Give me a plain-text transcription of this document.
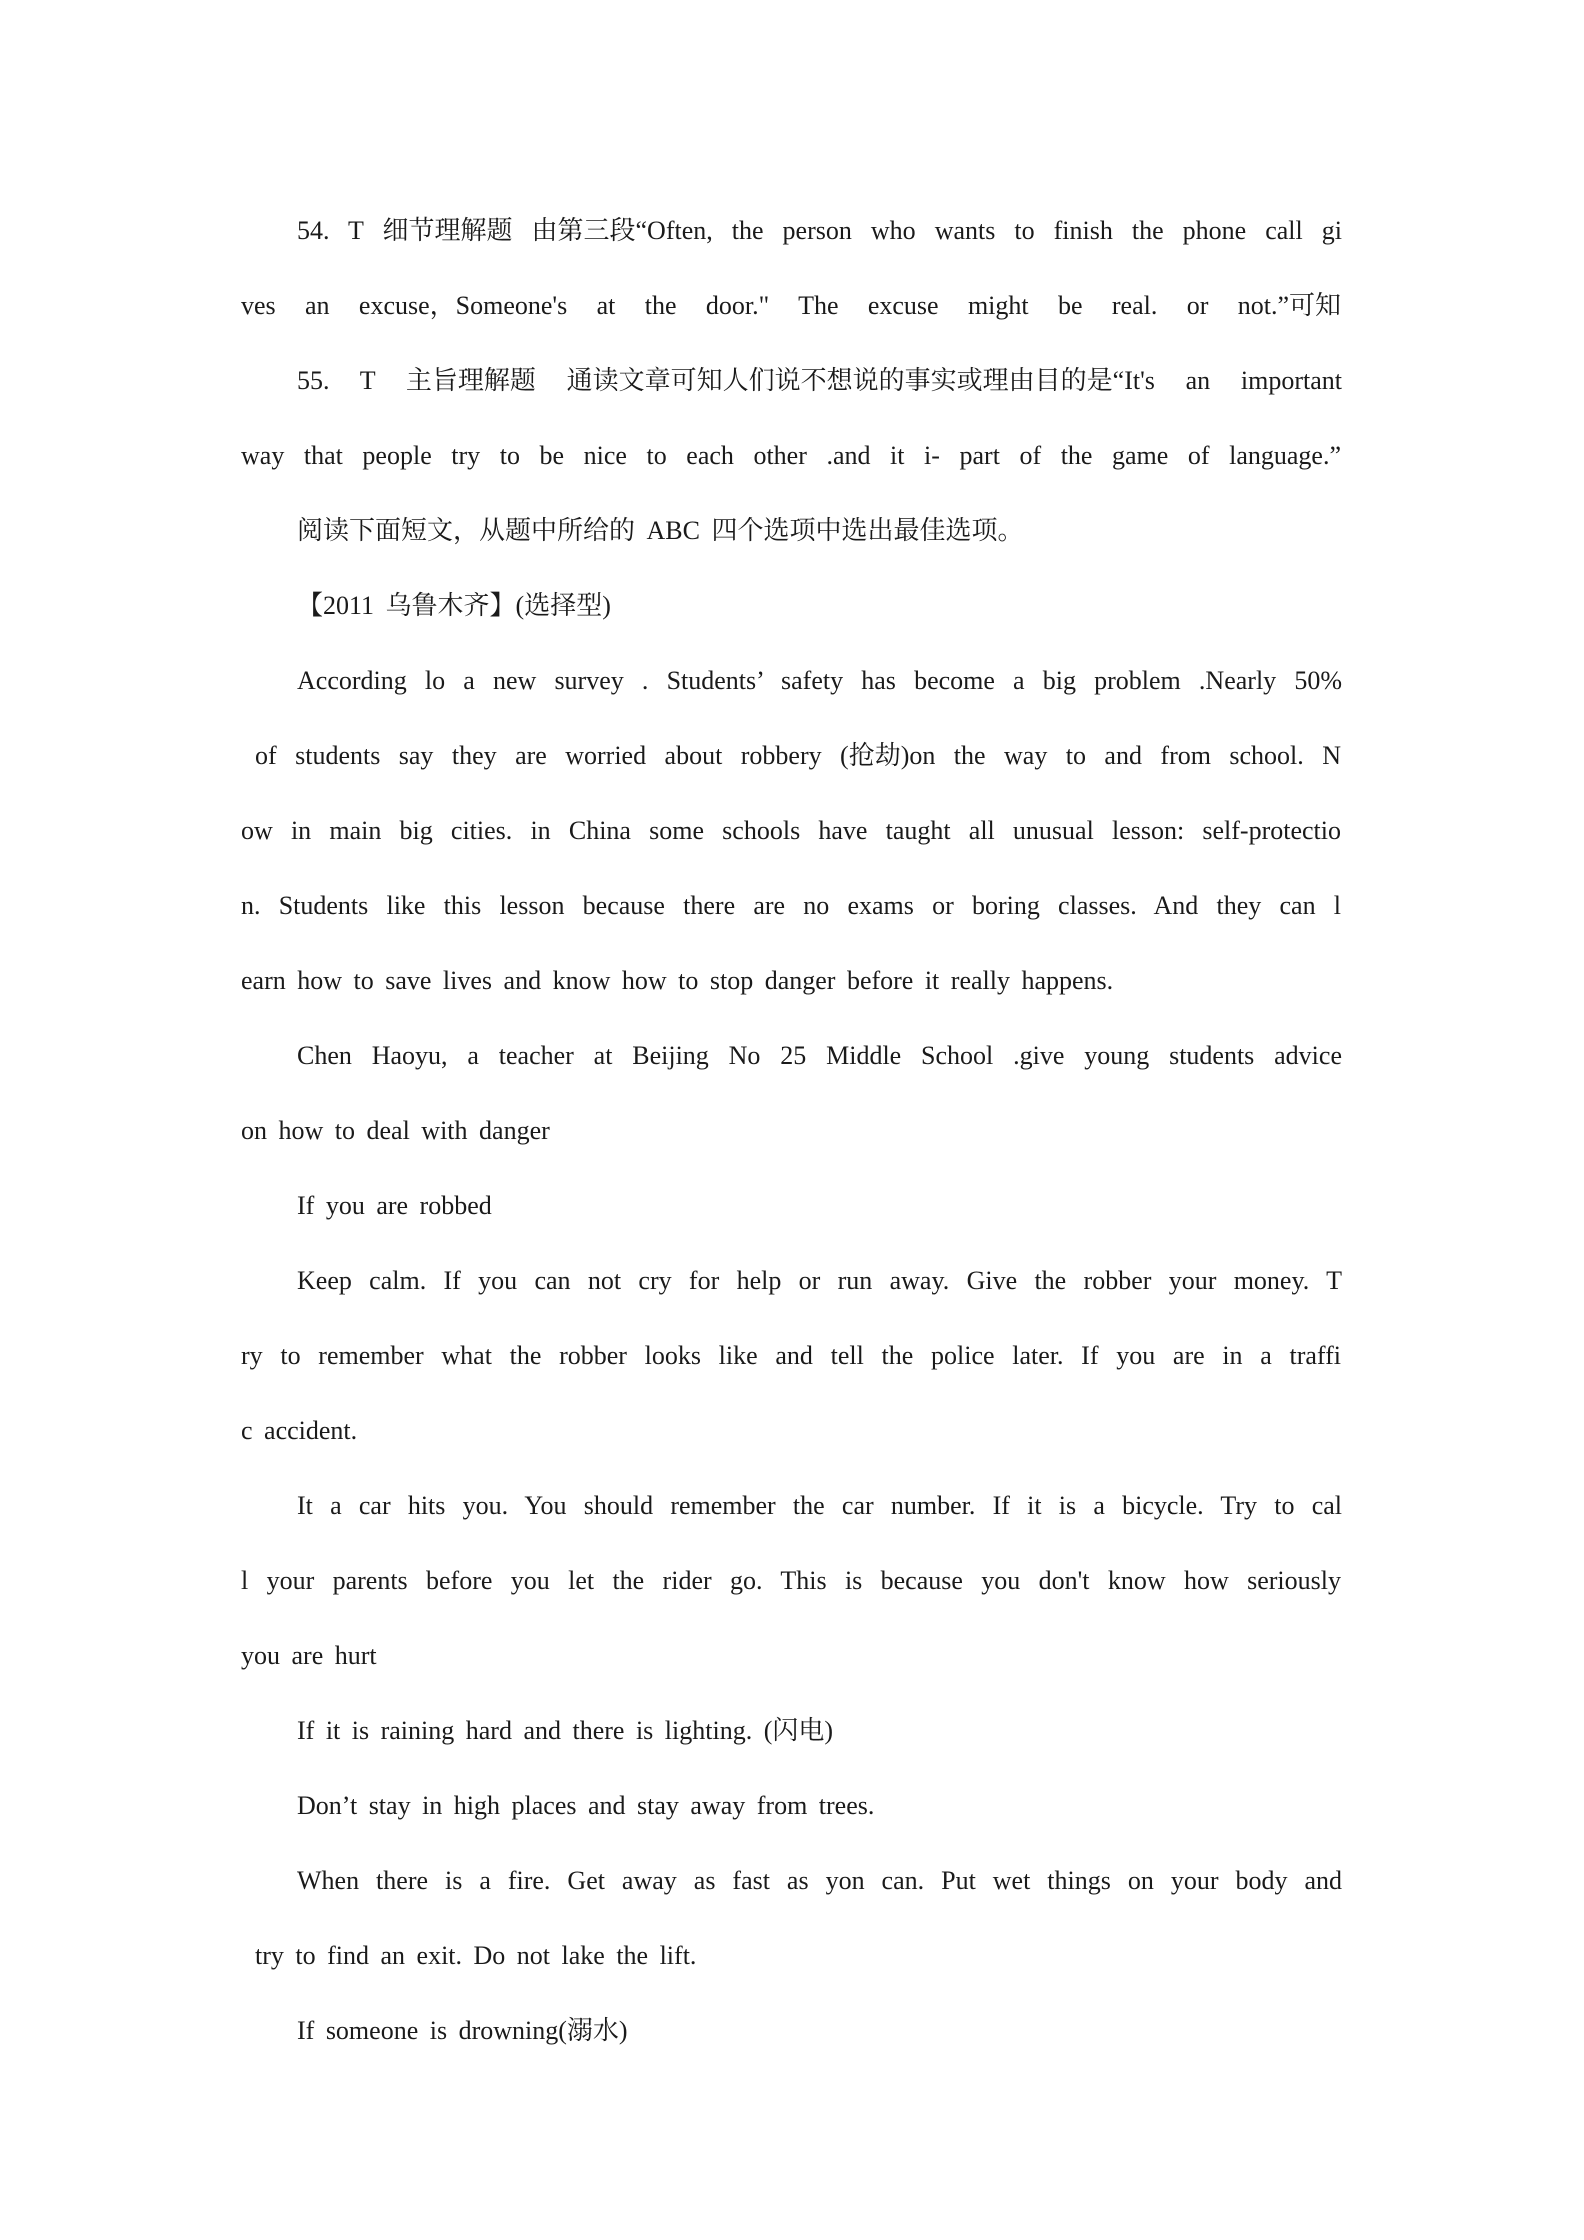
54. T 细节理解题 由第三段“Often, the person who wants to finish the phone call gi
ves an excuse，Someone's at the door." The excuse might be real. or not.”可知
55. T 主旨理解题 通读文章可知人们说不想说的事实或理由目的是“It's an important
way that people try to be nice to each other .and it i- part of the game of language.”
阅读下面短文，从题中所给的 ABC 四个选项中选出最佳选项。
【2011 乌鲁木齐】(选择型)
According lo a new survey . Students’ safety has become a big problem .Nearly 50%
of students say they are worried about robbery (抢劫)on the way to and from school. N
ow in main big cities. in China some schools have taught all unusual lesson: self-protectio
n. Students like this lesson because there are no exams or boring classes. And they can l
earn how to save lives and know how to stop danger before it really happens.
Chen Haoyu, a teacher at Beijing No 25 Middle School .give young students advice
on how to deal with danger
If you are robbed
Keep calm. If you can not cry for help or run away. Give the robber your money. T
ry to remember what the robber looks like and tell the police later. If you are in a traffi
c accident.
It a car hits you. You should remember the car number. If it is a bicycle. Try to cal
l your parents before you let the rider go. This is because you don't know how seriously
you are hurt
If it is raining hard and there is lighting. (闪电)
Don’t stay in high places and stay away from trees.
When there is a fire. Get away as fast as yon can. Put wet things on your body and
try to find an exit. Do not lake the lift.
If someone is drowning(溺水)
